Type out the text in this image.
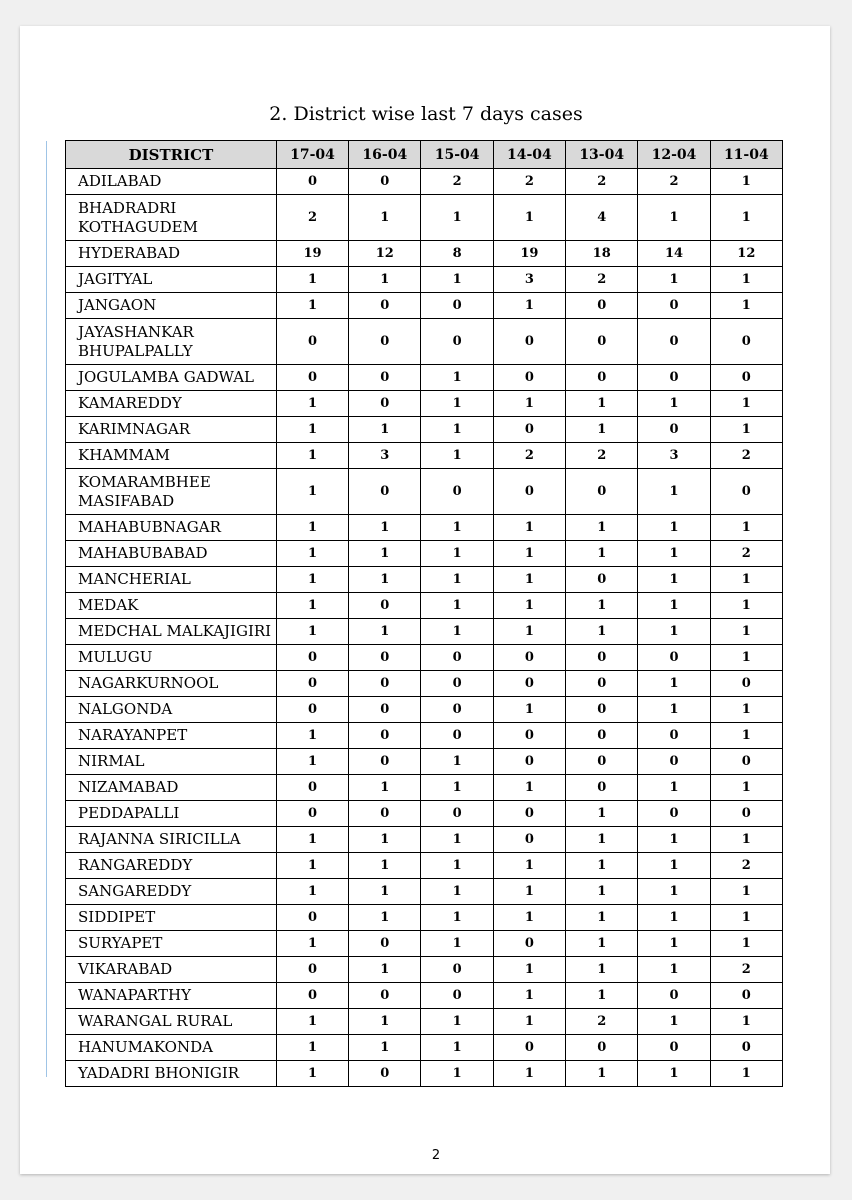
2. District wise last 7 days cases
DISTRICT	17-04	16-04	15-04	14-04	13-04	12-04	11-04
ADILABAD	0	0	2	2	2	2	1
BHADRADRI KOTHAGUDEM	2	1	1	1	4	1	1
HYDERABAD	19	12	8	19	18	14	12
JAGITYAL	1	1	1	3	2	1	1
JANGAON	1	0	0	1	0	0	1
JAYASHANKAR BHUPALPALLY	0	0	0	0	0	0	0
JOGULAMBA GADWAL	0	0	1	0	0	0	0
KAMAREDDY	1	0	1	1	1	1	1
KARIMNAGAR	1	1	1	0	1	0	1
KHAMMAM	1	3	1	2	2	3	2
KOMARAMBHEE MASIFABAD	1	0	0	0	0	1	0
MAHABUBNAGAR	1	1	1	1	1	1	1
MAHABUBABAD	1	1	1	1	1	1	2
MANCHERIAL	1	1	1	1	0	1	1
MEDAK	1	0	1	1	1	1	1
MEDCHAL MALKAJIGIRI	1	1	1	1	1	1	1
MULUGU	0	0	0	0	0	0	1
NAGARKURNOOL	0	0	0	0	0	1	0
NALGONDA	0	0	0	1	0	1	1
NARAYANPET	1	0	0	0	0	0	1
NIRMAL	1	0	1	0	0	0	0
NIZAMABAD	0	1	1	1	0	1	1
PEDDAPALLI	0	0	0	0	1	0	0
RAJANNA SIRICILLA	1	1	1	0	1	1	1
RANGAREDDY	1	1	1	1	1	1	2
SANGAREDDY	1	1	1	1	1	1	1
SIDDIPET	0	1	1	1	1	1	1
SURYAPET	1	0	1	0	1	1	1
VIKARABAD	0	1	0	1	1	1	2
WANAPARTHY	0	0	0	1	1	0	0
WARANGAL RURAL	1	1	1	1	2	1	1
HANUMAKONDA	1	1	1	0	0	0	0
YADADRI BHONIGIR	1	0	1	1	1	1	1
2
